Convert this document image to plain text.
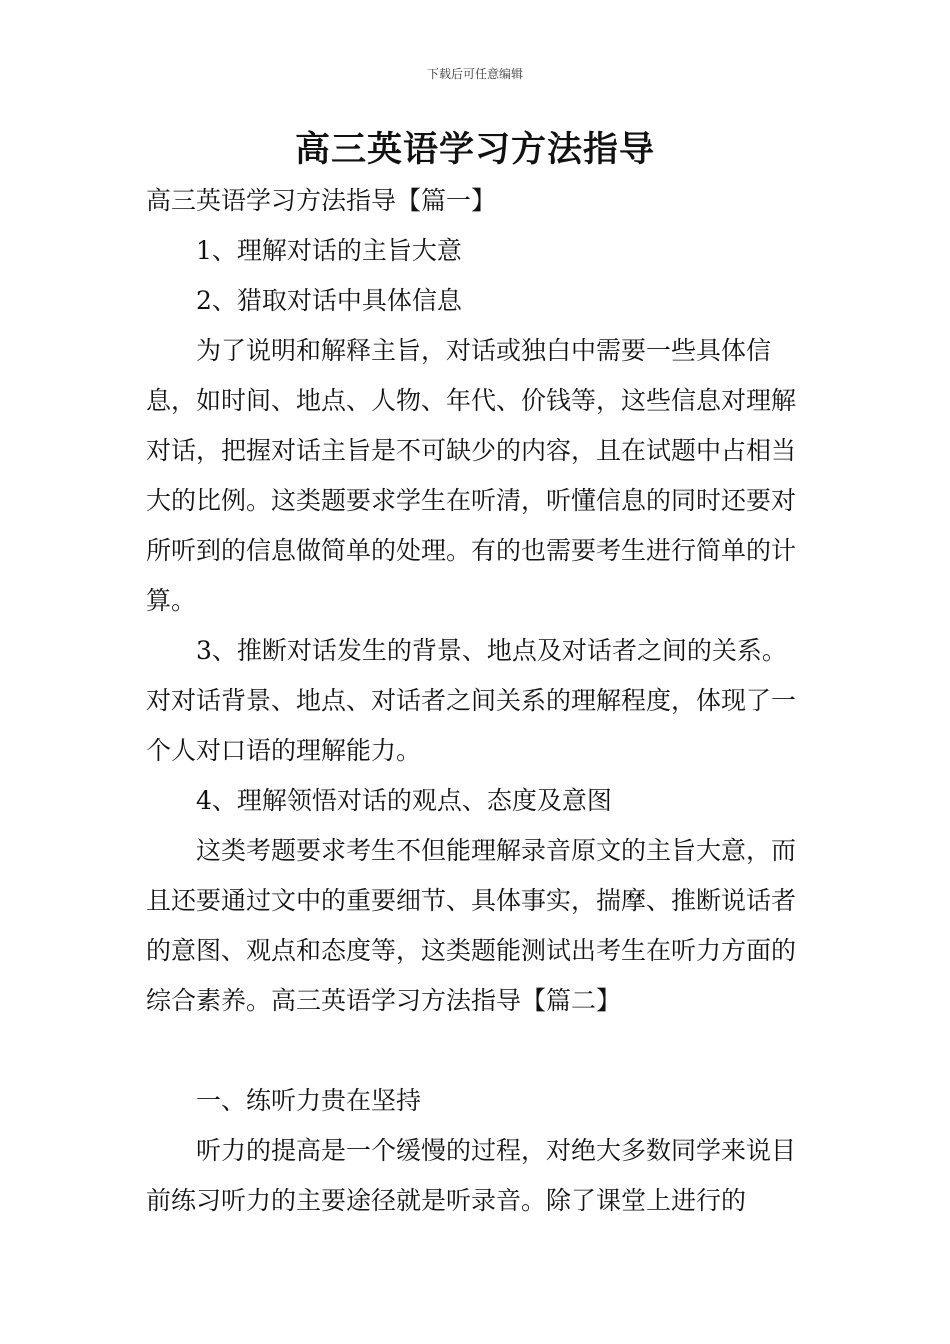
下载后可任意编辑
高三英语学习方法指导

高三英语学习方法指导【篇一】

1、理解对话的主旨大意

2、猎取对话中具体信息

为了说明和解释主旨，对话或独白中需要一些具体信息，如时间、地点、人物、年代、价钱等，这些信息对理解对话，把握对话主旨是不可缺少的内容，且在试题中占相当大的比例。这类题要求学生在听清，听懂信息的同时还要对所听到的信息做简单的处理。有的也需要考生进行简单的计算。

3、推断对话发生的背景、地点及对话者之间的关系。对对话背景、地点、对话者之间关系的理解程度，体现了一个人对口语的理解能力。

4、理解领悟对话的观点、态度及意图

这类考题要求考生不但能理解录音原文的主旨大意，而且还要通过文中的重要细节、具体事实，揣摩、推断说话者的意图、观点和态度等，这类题能测试出考生在听力方面的综合素养。高三英语学习方法指导【篇二】

一、练听力贵在坚持

听力的提高是一个缓慢的过程，对绝大多数同学来说目前练习听力的主要途径就是听录音。除了课堂上进行的
